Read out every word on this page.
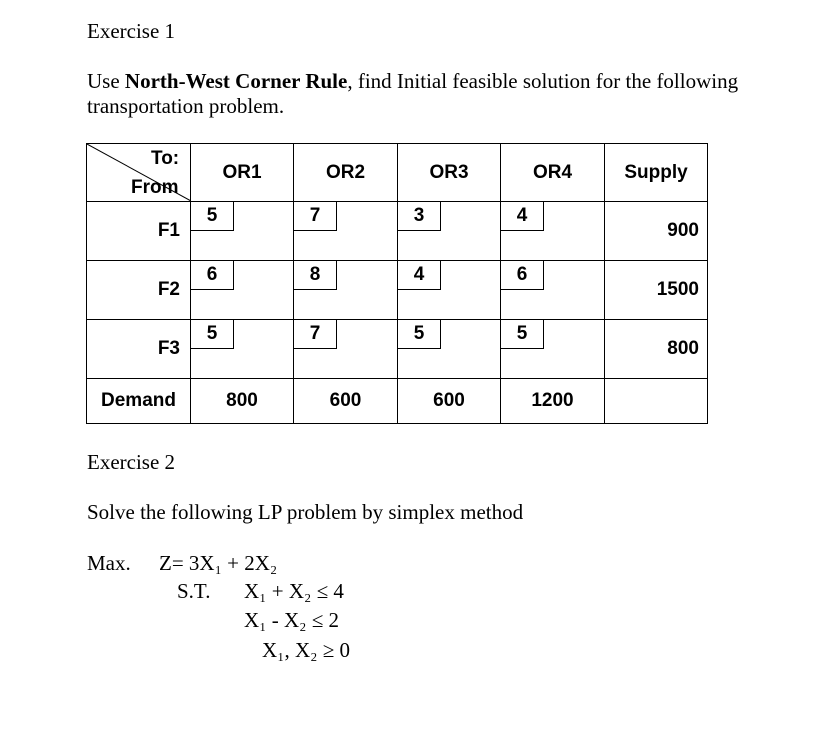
Exercise 1
Use North-West Corner Rule, find Initial feasible solution for the following transportation problem.
To:
From	OR1	OR2	OR3	OR4	Supply

F1	5	7	3	4	900

F2	6	8	4	6	1500

F3	5	7	5	5	800

Demand	800	600	600	1200	
Exercise 2
Solve the following LP problem by simplex method
Max. Z= 3X₁ + 2X₂
S.T. X₁ + X₂ ≤ 4
X₁ - X₂ ≤ 2
X₁, X₂ ≥ 0
